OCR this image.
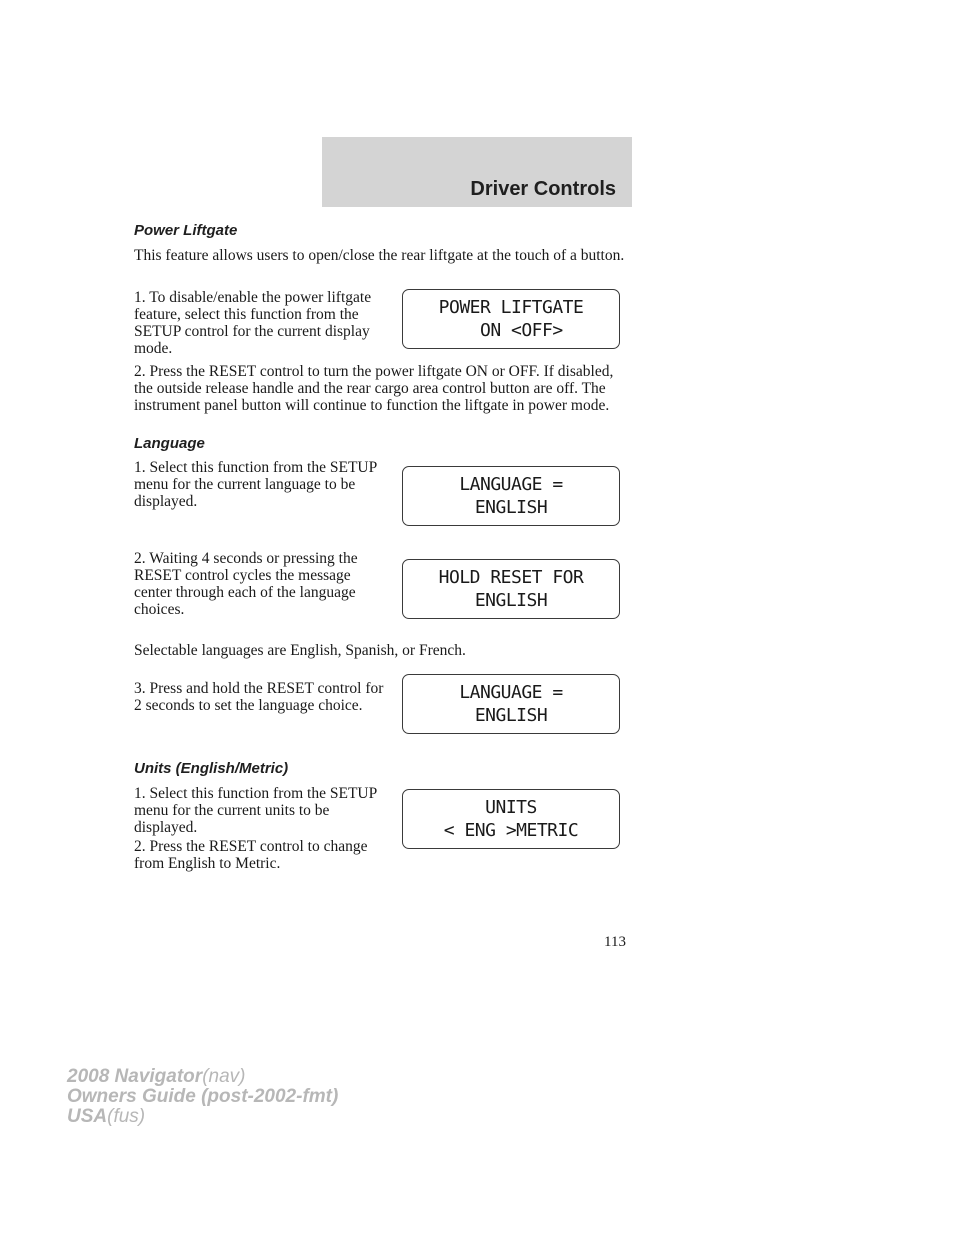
Driver Controls
Power Liftgate

This feature allows users to open/close the rear liftgate at the touch of a button.

1. To disable/enable the power liftgate feature, select this function from the SETUP control for the current display mode.

2. Press the RESET control to turn the power liftgate ON or OFF. If disabled, the outside release handle and the rear cargo area control button are off. The instrument panel button will continue to function the liftgate in power mode.

POWER LIFTGATE
ON <OFF>
Language

1. Select this function from the SETUP menu for the current language to be displayed.

2. Waiting 4 seconds or pressing the RESET control cycles the message center through each of the language choices.

Selectable languages are English, Spanish, or French.

3. Press and hold the RESET control for 2 seconds to set the language choice.

LANGUAGE =
ENGLISH
HOLD RESET FOR
ENGLISH
LANGUAGE =
ENGLISH
Units (English/Metric)

1. Select this function from the SETUP menu for the current units to be displayed.

2. Press the RESET control to change from English to Metric.

UNITS
< ENG >METRIC
113
2008 Navigator(nav)
Owners Guide (post-2002-fmt)
USA(fus)
